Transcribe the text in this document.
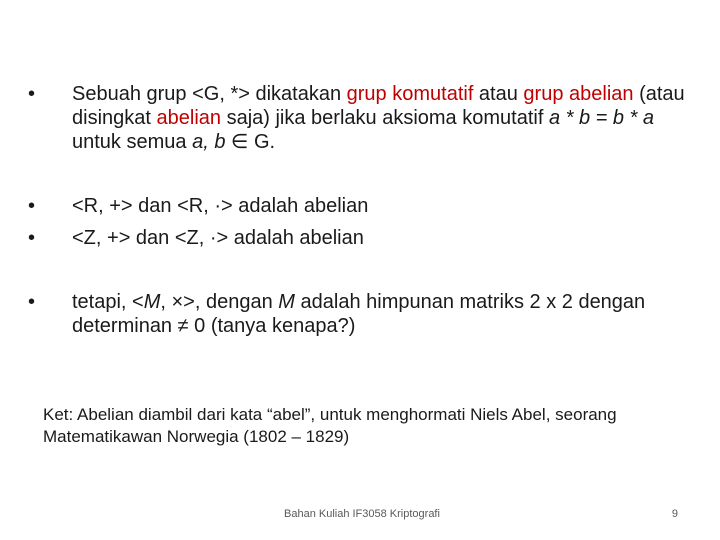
•	Sebuah grup <G, *> dikatakan grup komutatif atau grup abelian (atau disingkat abelian saja) jika berlaku aksioma komutatif a * b = b * a untuk semua a, b ∈ G.
•	<R, +> dan <R, ·> adalah abelian
•	<Z, +> dan <Z, ·> adalah abelian
•	tetapi, <M, ×>, dengan M adalah himpunan matriks 2 x 2 dengan determinan ≠ 0 (tanya kenapa?)
Ket: Abelian diambil dari kata “abel”, untuk menghormati Niels Abel, seorang Matematikawan Norwegia (1802 – 1829)
Bahan Kuliah IF3058 Kriptografi	9
